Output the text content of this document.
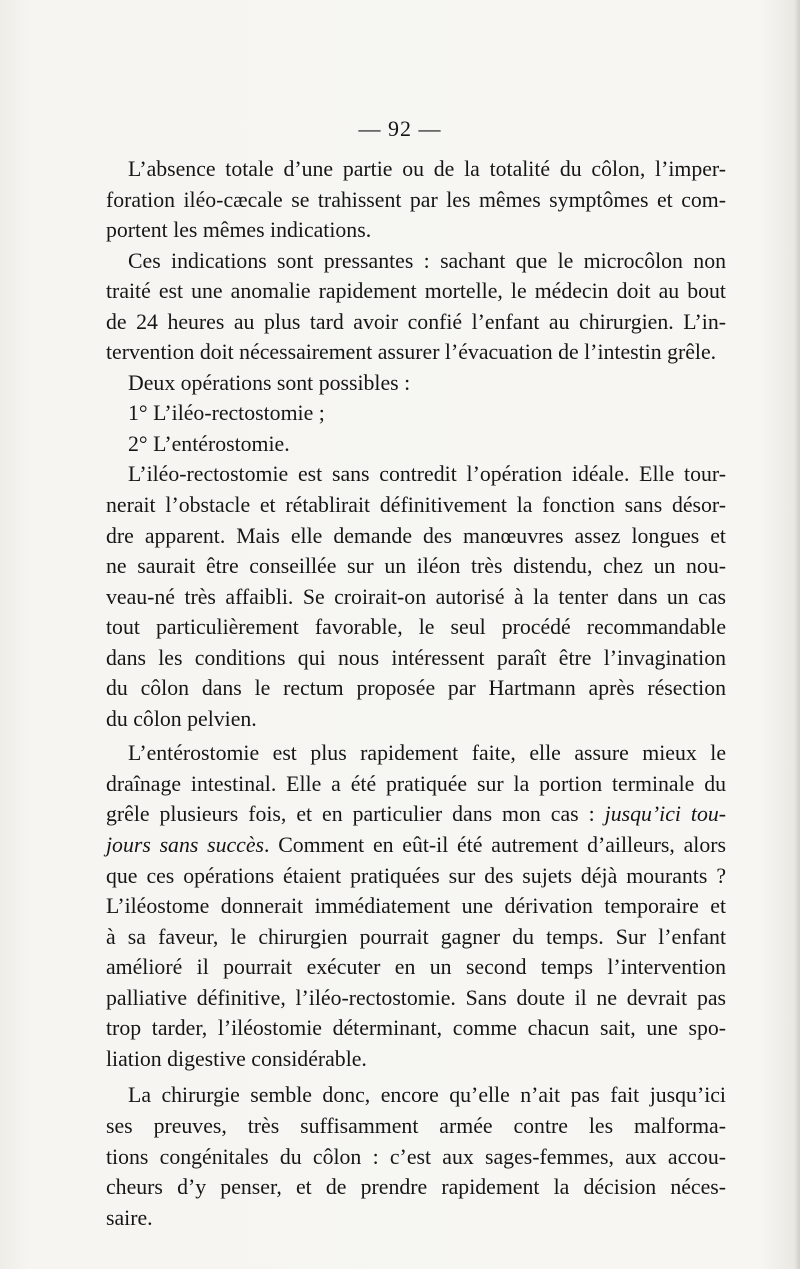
— 92 —
L’absence totale d’une partie ou de la totalité du côlon, l’imper-
foration iléo-cæcale se trahissent par les mêmes symptômes et com-
portent les mêmes indications.
Ces indications sont pressantes : sachant que le microcôlon non
traité est une anomalie rapidement mortelle, le médecin doit au bout
de 24 heures au plus tard avoir confié l’enfant au chirurgien. L’in-
tervention doit nécessairement assurer l’évacuation de l’intestin grêle.
Deux opérations sont possibles :
1° L’iléo-rectostomie ;
2° L’entérostomie.
L’iléo-rectostomie est sans contredit l’opération idéale. Elle tour-
nerait l’obstacle et rétablirait définitivement la fonction sans désor-
dre apparent. Mais elle demande des manœuvres assez longues et
ne saurait être conseillée sur un iléon très distendu, chez un nou-
veau-né très affaibli. Se croirait-on autorisé à la tenter dans un cas
tout particulièrement favorable, le seul procédé recommandable
dans les conditions qui nous intéressent paraît être l’invagination
du côlon dans le rectum proposée par Hartmann après résection
du côlon pelvien.
L’entérostomie est plus rapidement faite, elle assure mieux le
draînage intestinal. Elle a été pratiquée sur la portion terminale du
grêle plusieurs fois, et en particulier dans mon cas : jusqu’ici tou-
jours sans succès. Comment en eût-il été autrement d’ailleurs, alors
que ces opérations étaient pratiquées sur des sujets déjà mourants ?
L’iléostome donnerait immédiatement une dérivation temporaire et
à sa faveur, le chirurgien pourrait gagner du temps. Sur l’enfant
amélioré il pourrait exécuter en un second temps l’intervention
palliative définitive, l’iléo-rectostomie. Sans doute il ne devrait pas
trop tarder, l’iléostomie déterminant, comme chacun sait, une spo-
liation digestive considérable.
La chirurgie semble donc, encore qu’elle n’ait pas fait jusqu’ici
ses preuves, très suffisamment armée contre les malforma-
tions congénitales du côlon : c’est aux sages-femmes, aux accou-
cheurs d’y penser, et de prendre rapidement la décision néces-
saire.
